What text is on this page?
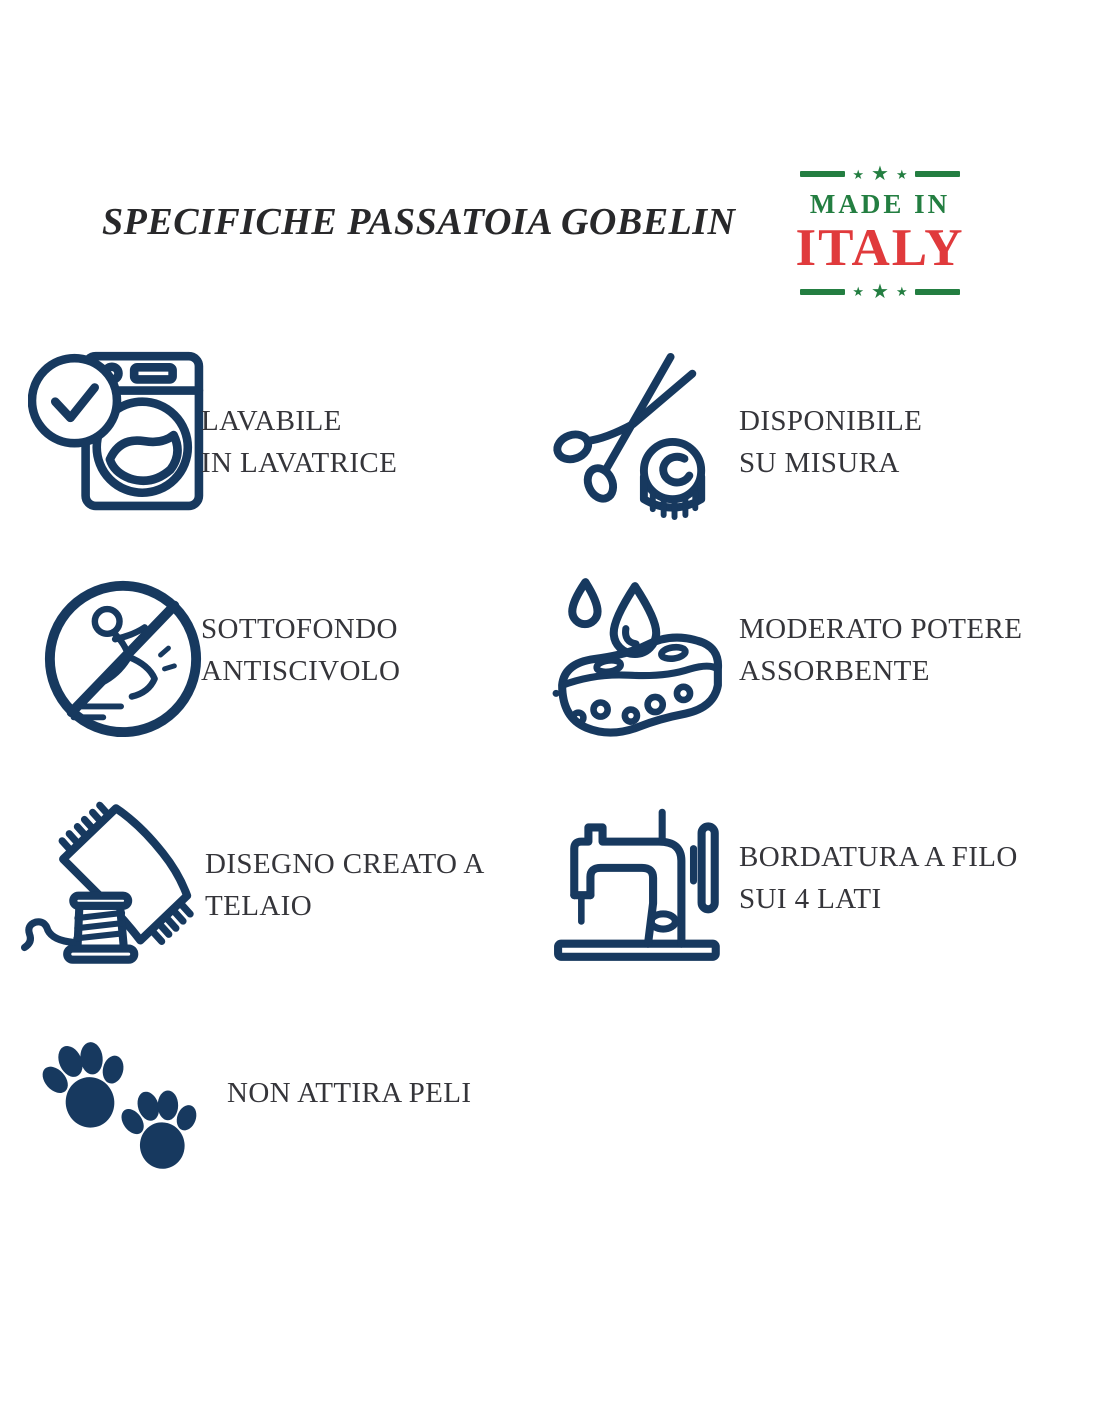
SPECIFICHE PASSATOIA GOBELIN
★ ★ ★
MADE IN
ITALY
★ ★ ★
LAVABILE
IN LAVATRICE
DISPONIBILE
SU MISURA
SOTTOFONDO
ANTISCIVOLO
MODERATO POTERE
ASSORBENTE
DISEGNO CREATO A
TELAIO
BORDATURA A FILO
SUI 4 LATI
NON ATTIRA PELI
